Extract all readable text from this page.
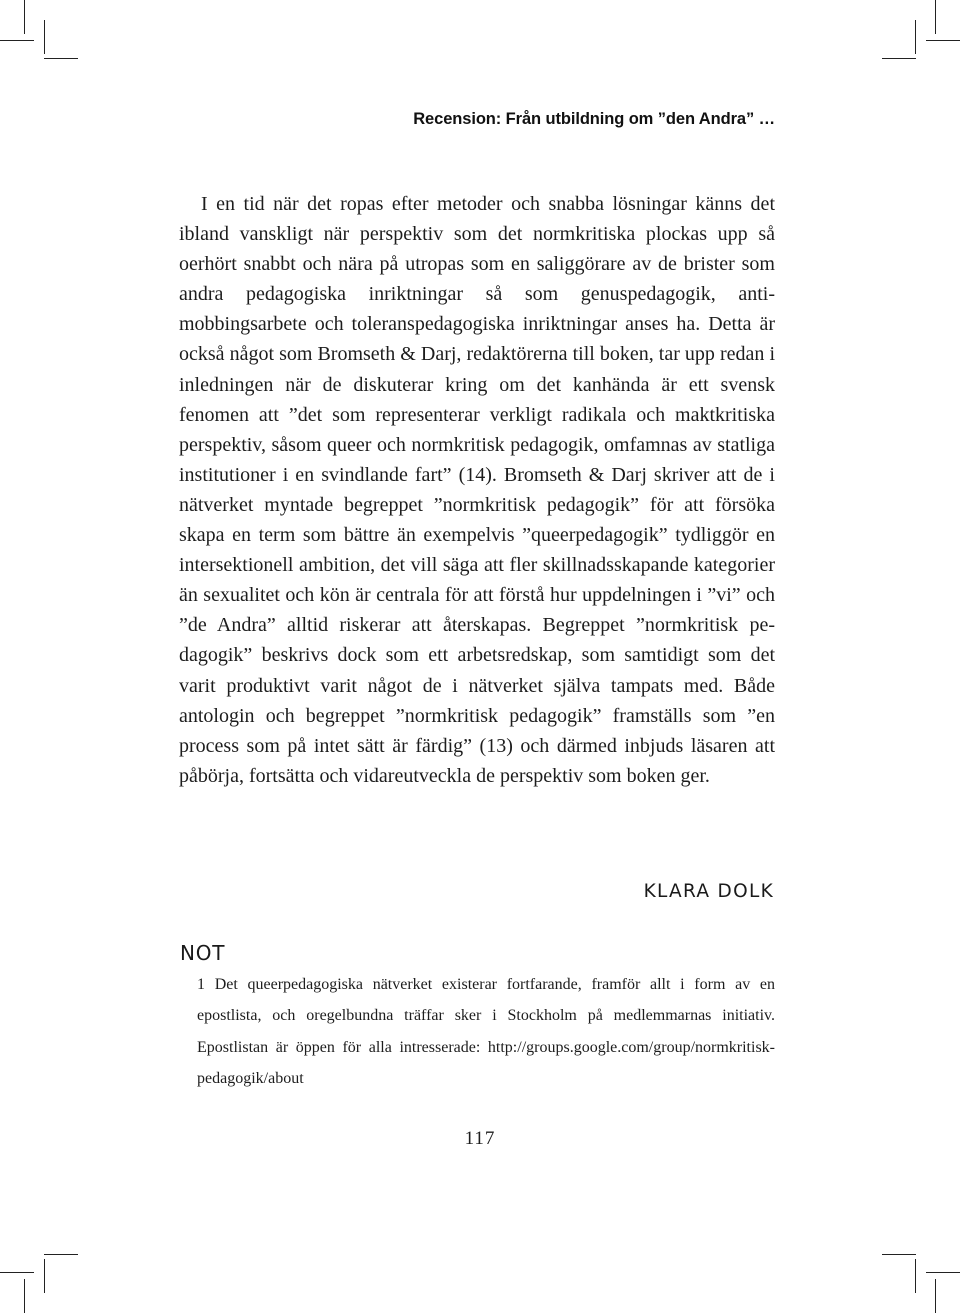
Recension: Från utbildning om ”den Andra” …

I en tid när det ropas efter metoder och snabba lösningar känns det ibland vanskligt när perspektiv som det normkritiska plockas upp så oerhört snabbt och nära på utropas som en saliggörare av de brister som andra pedagogiska inriktningar så som genuspedagogik, anti-mobbingsarbete och toleranspedagogiska inriktningar anses ha. Detta är också något som Bromseth & Darj, redaktörerna till boken, tar upp redan i inledningen när de diskuterar kring om det kanhända är ett svensk fenomen att ”det som representerar verkligt radikala och maktkritiska perspektiv, såsom queer och normkritisk pedagogik, omfamnas av statliga institutioner i en svindlande fart” (14). Bromseth & Darj skriver att de i nätverket myntade begreppet ”normkritisk pedagogik” för att försöka skapa en term som bättre än exempelvis ”queerpedagogik” tydliggör en intersektionell ambition, det vill säga att fler skillnadsskapande kategorier än sexualitet och kön är centrala för att förstå hur uppdelningen i ”vi” och ”de Andra” alltid riskerar att återskapas. Begreppet ”normkritisk pedagogik” beskrivs dock som ett arbetsredskap, som samtidigt som det varit produktivt varit något de i nätverket själva tampats med. Både antologin och begreppet ”normkritisk pedagogik” framställs som ”en process som på intet sätt är färdig” (13) och därmed inbjuds läsaren att påbörja, fortsätta och vidareutveckla de perspektiv som boken ger.

KLARA DOLK
NOT

1 Det queerpedagogiska nätverket existerar fortfarande, framför allt i form av en epostlista, och oregelbundna träffar sker i Stockholm på medlemmarnas initiativ. Epostlistan är öppen för alla intresserade: http://groups.google.com/​group/normkritisk-pedagogik/about

117
